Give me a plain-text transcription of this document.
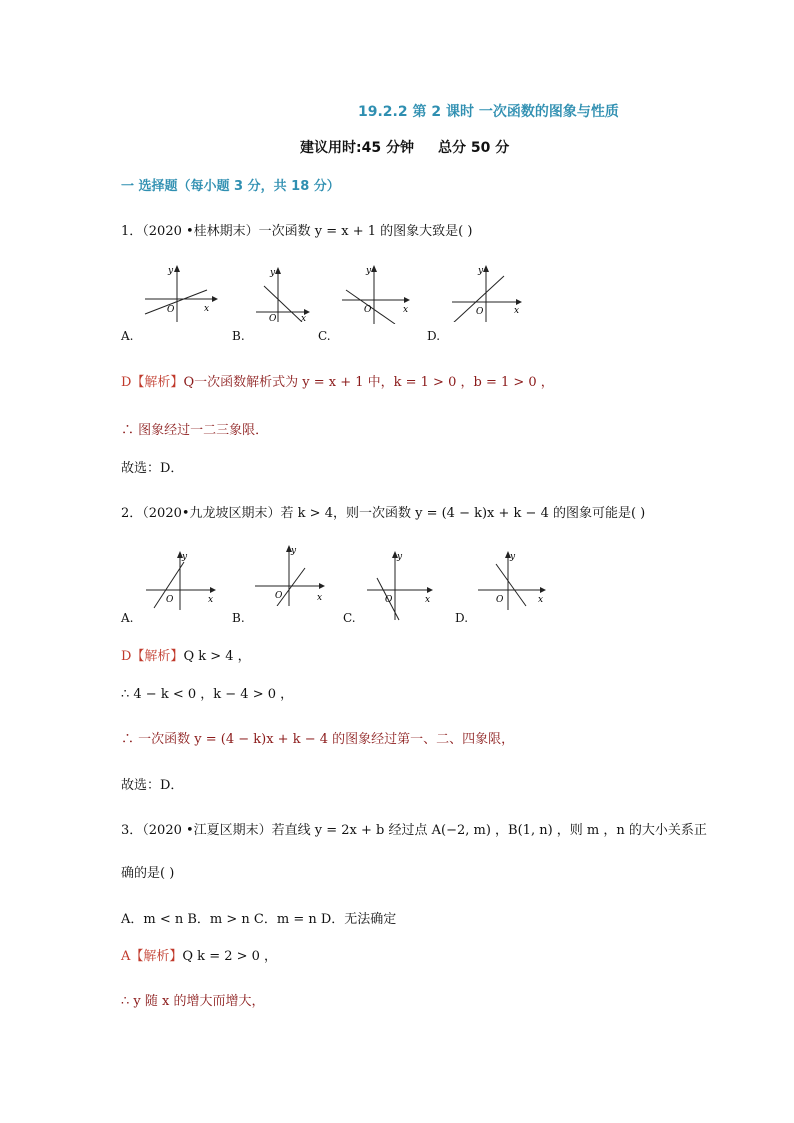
19.2.2 第 2 课时 一次函数的图象与性质
建议用时:45 分钟 总分 50 分
一 选择题（每小题 3 分，共 18 分）
1．（2020 •桂林期末）一次函数 y = x + 1 的图象大致是( )
y
x
O
A.
y
x
O
B.
y
x
O
C.
y
x
O
D.
D【解析】Q一次函数解析式为 y = x + 1 中，k = 1 > 0 ，b = 1 > 0 ，
∴ 图象经过一二三象限．
故选：D．
2．（2020•九龙坡区期末）若 k > 4，则一次函数 y = (4 − k)x + k − 4 的图象可能是( )
y
x
O
A.
y
x
O
B.
y
x
O
C.
y
x
O
D.
D【解析】Q k > 4 ，
∴ 4 − k < 0 ，k − 4 > 0 ，
∴ 一次函数 y = (4 − k)x + k − 4 的图象经过第一、二、四象限，
故选：D．
3．（2020 •江夏区期末）若直线 y = 2x + b 经过点 A(−2, m) ，B(1, n) ，则 m ，n 的大小关系正
确的是( )
A．m < n B．m > n C．m = n D．无法确定
A【解析】Q k = 2 > 0 ，
∴ y 随 x 的增大而增大，
